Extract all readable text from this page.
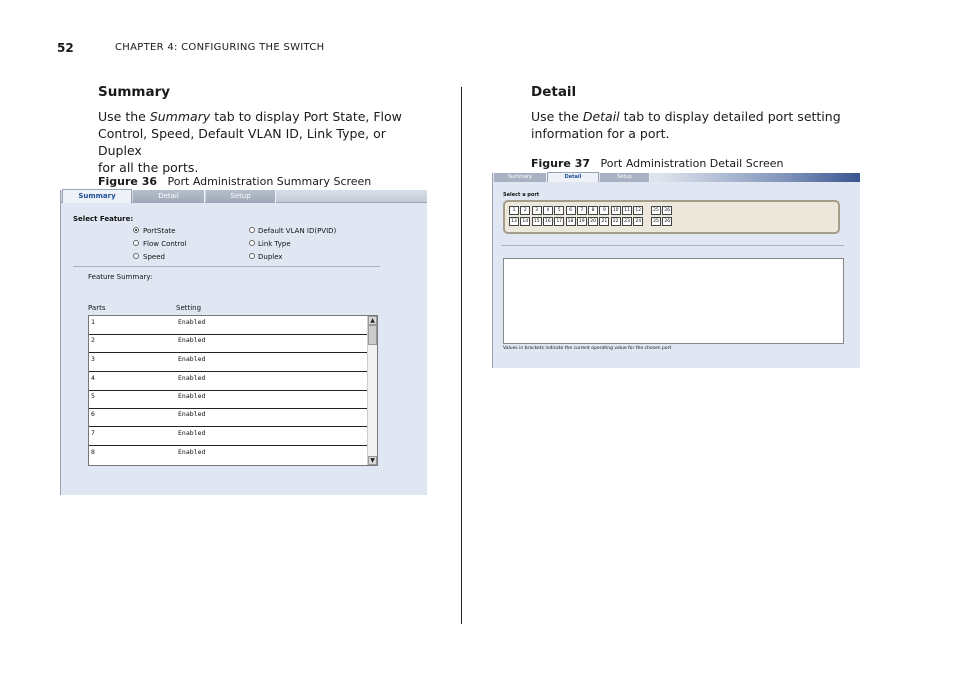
52	CHAPTER 4: CONFIGURING THE SWITCH
Summary
Use the Summary tab to display Port State, Flow
Control, Speed, Default VLAN ID, Link Type, or Duplex
for all the ports.
Figure 36 Port Administration Summary Screen
Summary	Detail	Setup
Select Feature:
PortState
Flow Control
Speed
Default VLAN ID(PVID)
Link Type
Duplex
Feature Summary:
Parts	Setting
1	Enabled
2	Enabled
3	Enabled
4	Enabled
5	Enabled
6	Enabled
7	Enabled
8	Enabled
▲
▼
Detail
Use the Detail tab to display detailed port setting
information for a port.
Figure 37 Port Administration Detail Screen
Summary	Detail	Setup
Select a port
1	2	3	4	5	6	7	8	9	10	11	12	25	26
13	14	15	16	17	18	19	20	21	22	23	24	25	26
Values in brackets indicate the current operating value for the chosen port
